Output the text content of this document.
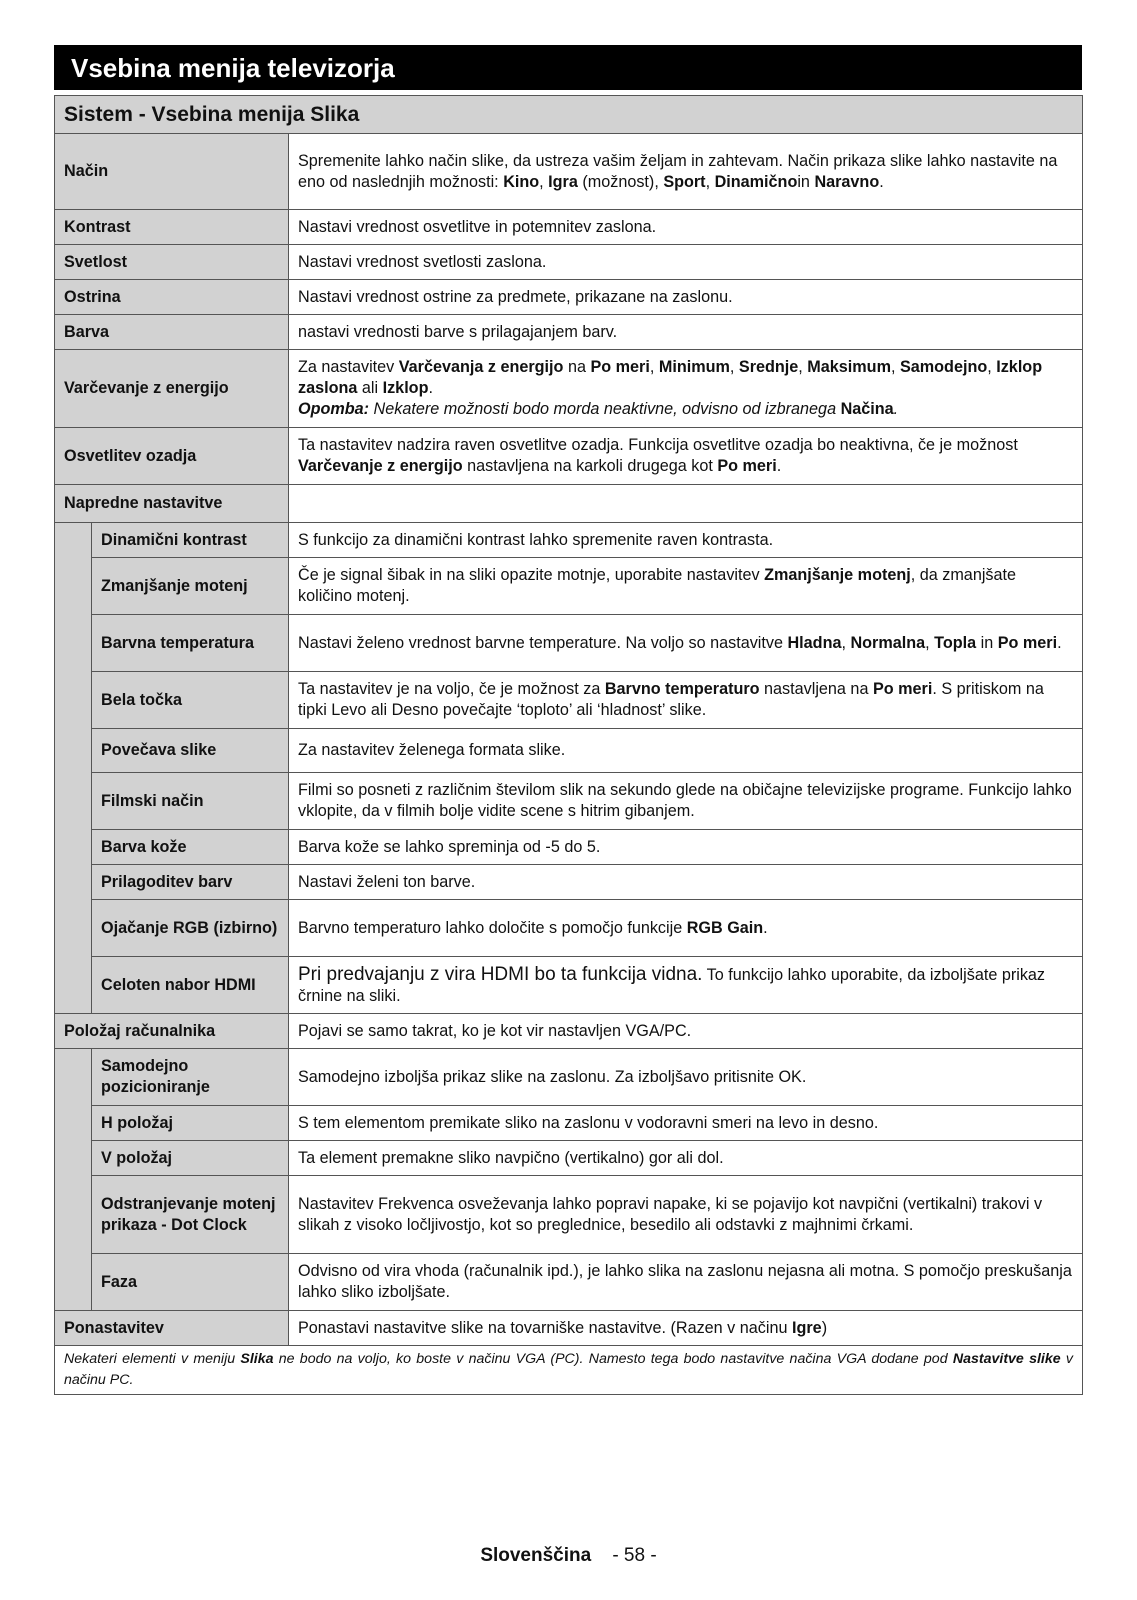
Vsebina menija televizorja
Sistem - Vsebina menija Slika		
Način		Spremenite lahko način slike, da ustreza vašim željam in zahtevam. Način prikaza slike lahko nastavite na eno od naslednjih možnosti: Kino, Igra (možnost), Sport, Dinamičnoin Naravno.
Kontrast		Nastavi vrednost osvetlitve in potemnitev zaslona.
Svetlost		Nastavi vrednost svetlosti zaslona.
Ostrina		Nastavi vrednost ostrine za predmete, prikazane na zaslonu.
Barva		nastavi vrednosti barve s prilagajanjem barv.
Varčevanje z energijo		Za nastavitev Varčevanja z energijo na Po meri, Minimum, Srednje, Maksimum, Samodejno, Izklop zaslona ali Izklop.
Opomba: Nekatere možnosti bodo morda neaktivne, odvisno od izbranega Načina.
Osvetlitev ozadja		Ta nastavitev nadzira raven osvetlitve ozadja. Funkcija osvetlitve ozadja bo neaktivna, če je možnost Varčevanje z energijo nastavljena na karkoli drugega kot Po meri.
Napredne nastavitve		
	Dinamični kontrast	S funkcijo za dinamični kontrast lahko spremenite raven kontrasta.
	Zmanjšanje motenj	Če je signal šibak in na sliki opazite motnje, uporabite nastavitev Zmanjšanje motenj, da zmanjšate količino motenj.
	Barvna temperatura	Nastavi želeno vrednost barvne temperature. Na voljo so nastavitve Hladna, Normalna, Topla in Po meri.
	Bela točka	Ta nastavitev je na voljo, če je možnost za Barvno temperaturo nastavljena na Po meri. S pritiskom na tipki Levo ali Desno povečajte ‘toploto’ ali ‘hladnost’ slike.
	Povečava slike	Za nastavitev želenega formata slike.
	Filmski način	Filmi so posneti z različnim številom slik na sekundo glede na običajne televizijske programe. Funkcijo lahko vklopite, da v filmih bolje vidite scene s hitrim gibanjem.
	Barva kože	Barva kože se lahko spreminja od -5 do 5.
	Prilagoditev barv	Nastavi želeni ton barve.
	Ojačanje RGB (izbirno)	Barvno temperaturo lahko določite s pomočjo funkcije RGB Gain.
	Celoten nabor HDMI	Pri predvajanju z vira HDMI bo ta funkcija vidna. To funkcijo lahko uporabite, da izboljšate prikaz črnine na sliki.
Položaj računalnika		Pojavi se samo takrat, ko je kot vir nastavljen VGA/PC.
	Samodejno pozicioniranje	Samodejno izboljša prikaz slike na zaslonu. Za izboljšavo pritisnite OK.
	H položaj	S tem elementom premikate sliko na zaslonu v vodoravni smeri na levo in desno.
	V položaj	Ta element premakne sliko navpično (vertikalno) gor ali dol.
	Odstranjevanje motenj prikaza - Dot Clock	Nastavitev Frekvenca osveževanja lahko popravi napake, ki se pojavijo kot navpični (vertikalni) trakovi v slikah z visoko ločljivostjo, kot so preglednice, besedilo ali odstavki z majhnimi črkami.
	Faza	Odvisno od vira vhoda (računalnik ipd.), je lahko slika na zaslonu nejasna ali motna. S pomočjo preskušanja lahko sliko izboljšate.
Ponastavitev		Ponastavi nastavitve slike na tovarniške nastavitve. (Razen v načinu Igre)
Nekateri elementi v meniju Slika ne bodo na voljo, ko boste v načinu VGA (PC). Namesto tega bodo nastavitve načina VGA dodane pod Nastavitve slike v načinu PC.		
Slovenščina - 58 -
